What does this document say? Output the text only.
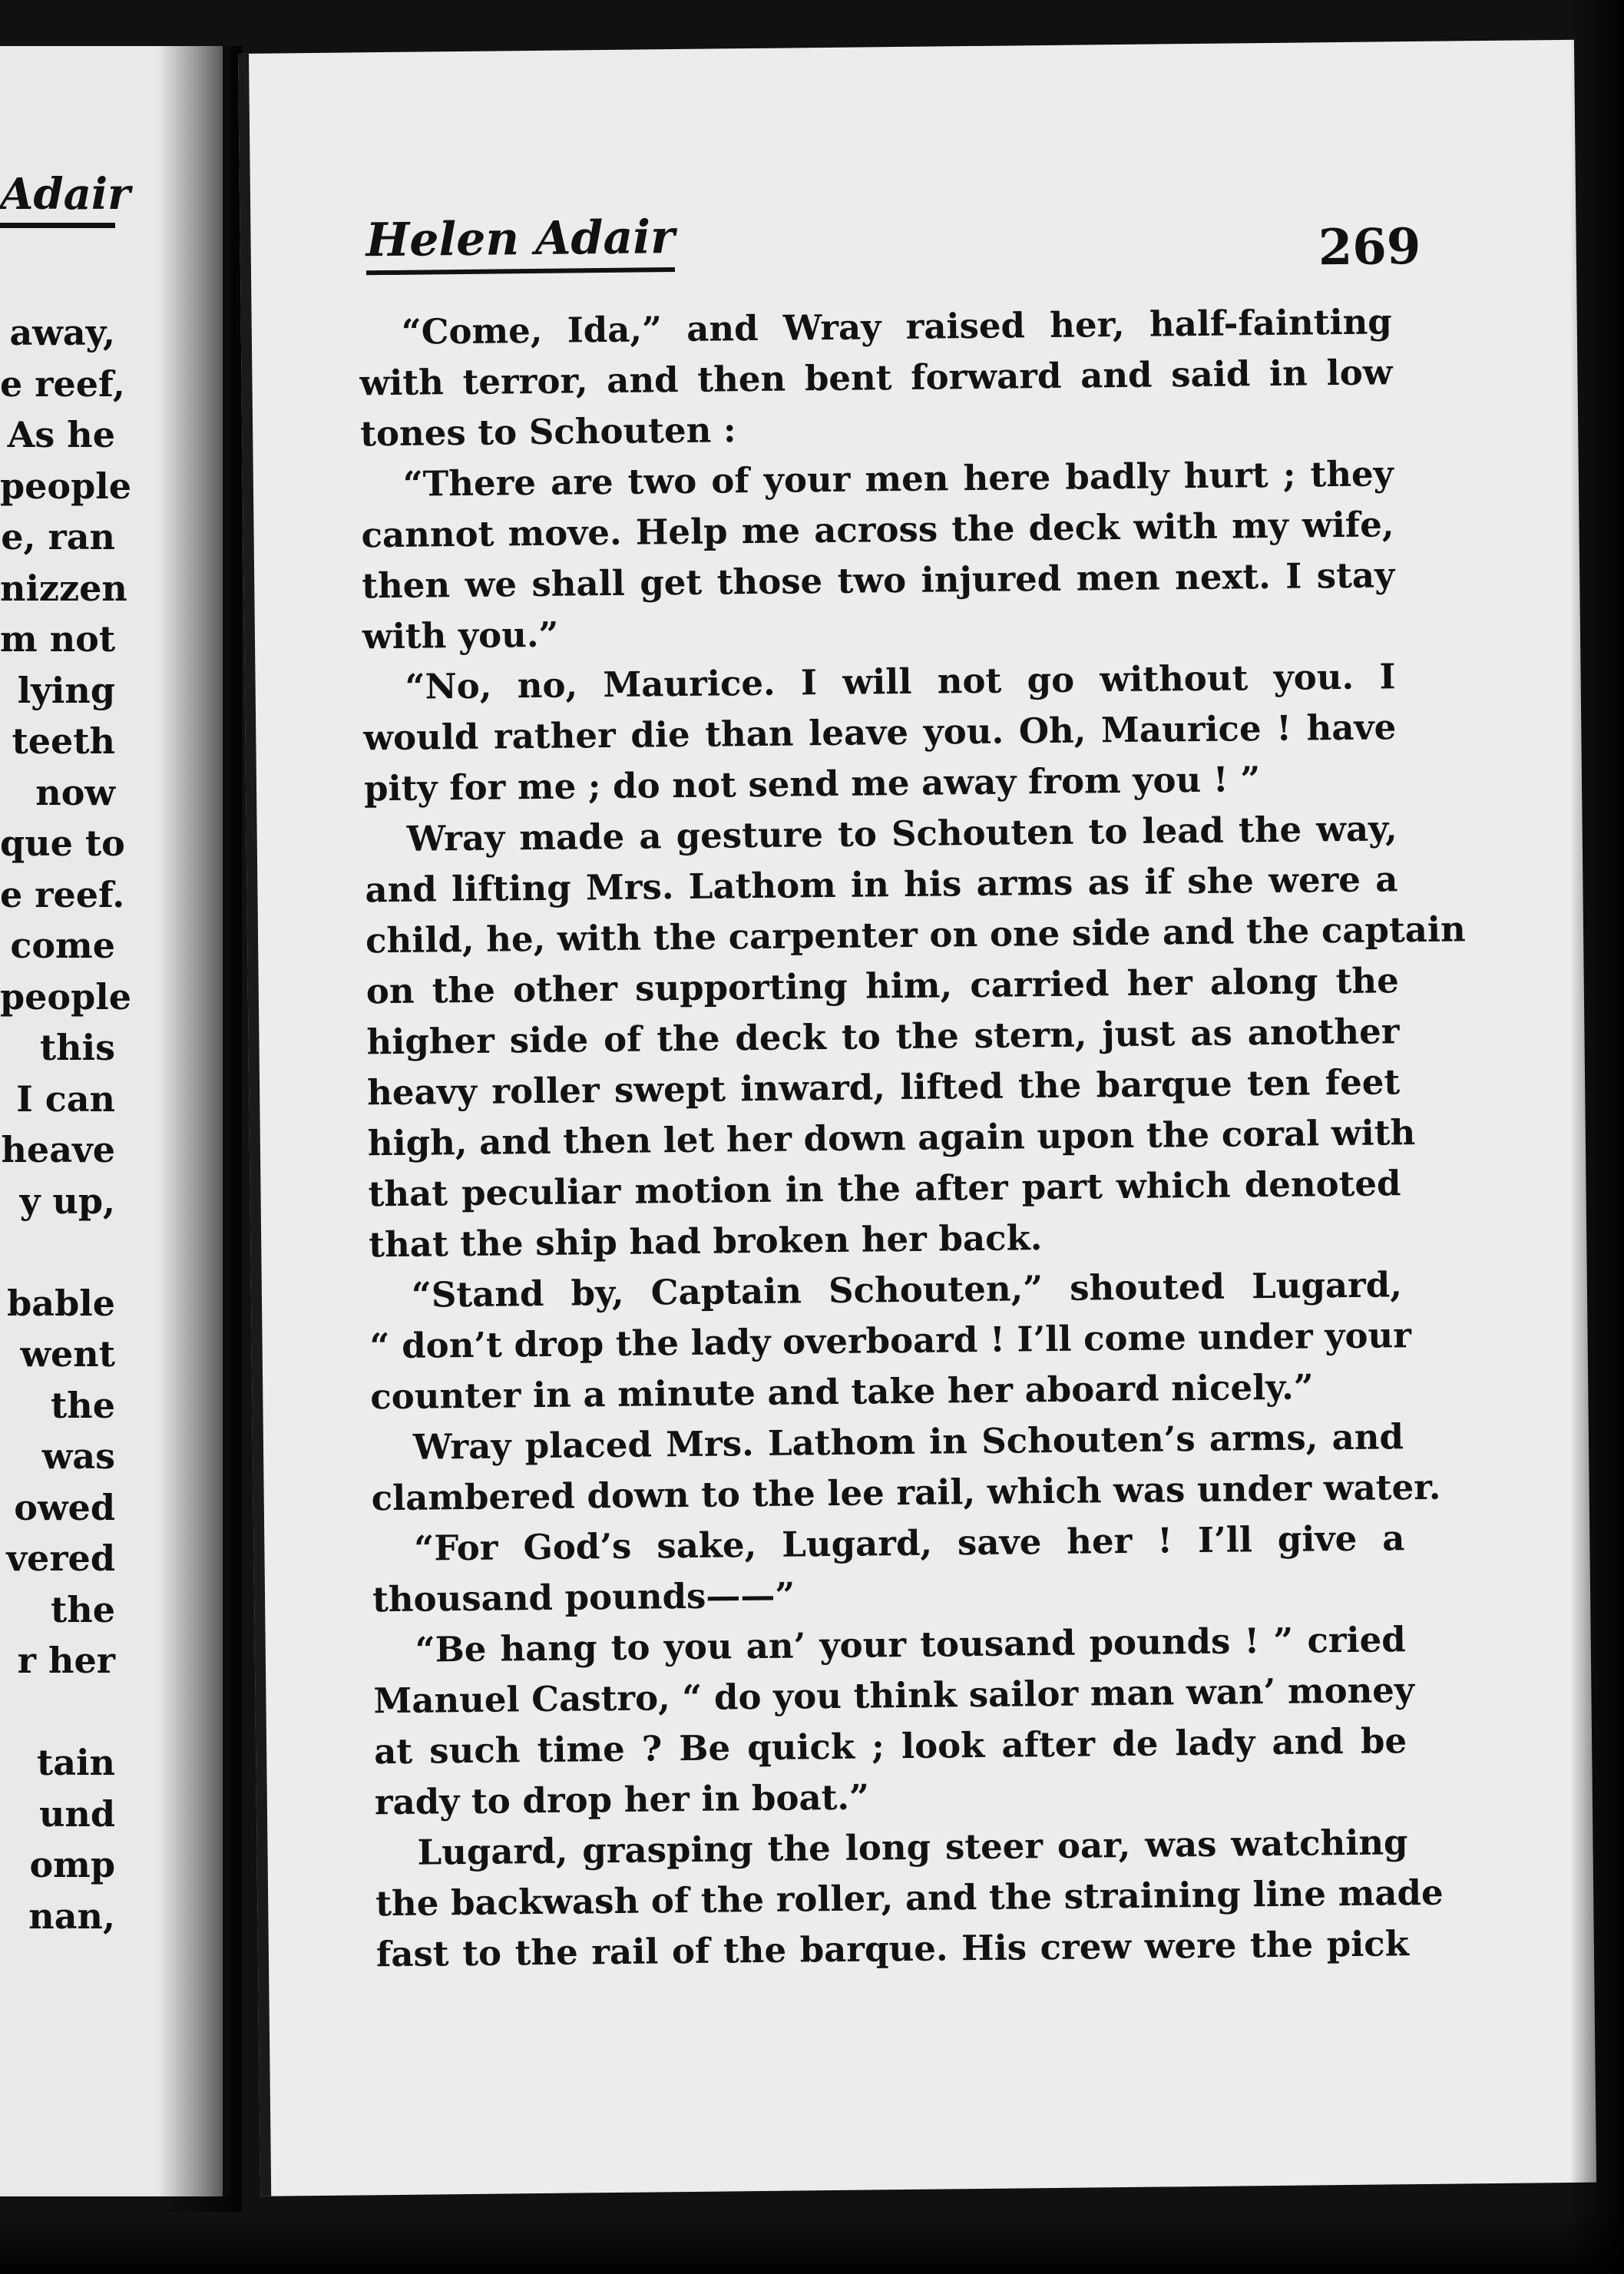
Adair
away,
e reef,
As he
people
e, ran
nizzen
m not
lying
teeth
now
que to
e reef.
come
people
this
I can
heave
y up,
bable
went
the
was
owed
vered
the
r her
tain
und
omp
nan,
Helen Adair	269
“Come, Ida,” and Wray raised her, half-fainting
with terror, and then bent forward and said in low
tones to Schouten :
“There are two of your men here badly hurt ; they
cannot move. Help me across the deck with my wife,
then we shall get those two injured men next. I stay
with you.”
“No, no, Maurice. I will not go without you. I
would rather die than leave you. Oh, Maurice ! have
pity for me ; do not send me away from you ! ”
Wray made a gesture to Schouten to lead the way,
and lifting Mrs. Lathom in his arms as if she were a
child, he, with the carpenter on one side and the captain
on the other supporting him, carried her along the
higher side of the deck to the stern, just as another
heavy roller swept inward, lifted the barque ten feet
high, and then let her down again upon the coral with
that peculiar motion in the after part which denoted
that the ship had broken her back.
“Stand by, Captain Schouten,” shouted Lugard,
“ don’t drop the lady overboard ! I’ll come under your
counter in a minute and take her aboard nicely.”
Wray placed Mrs. Lathom in Schouten’s arms, and
clambered down to the lee rail, which was under water.
“For God’s sake, Lugard, save her ! I’ll give a
thousand pounds——”
“Be hang to you an’ your tousand pounds ! ” cried
Manuel Castro, “ do you think sailor man wan’ money
at such time ? Be quick ; look after de lady and be
rady to drop her in boat.”
Lugard, grasping the long steer oar, was watching
the backwash of the roller, and the straining line made
fast to the rail of the barque. His crew were the pick
